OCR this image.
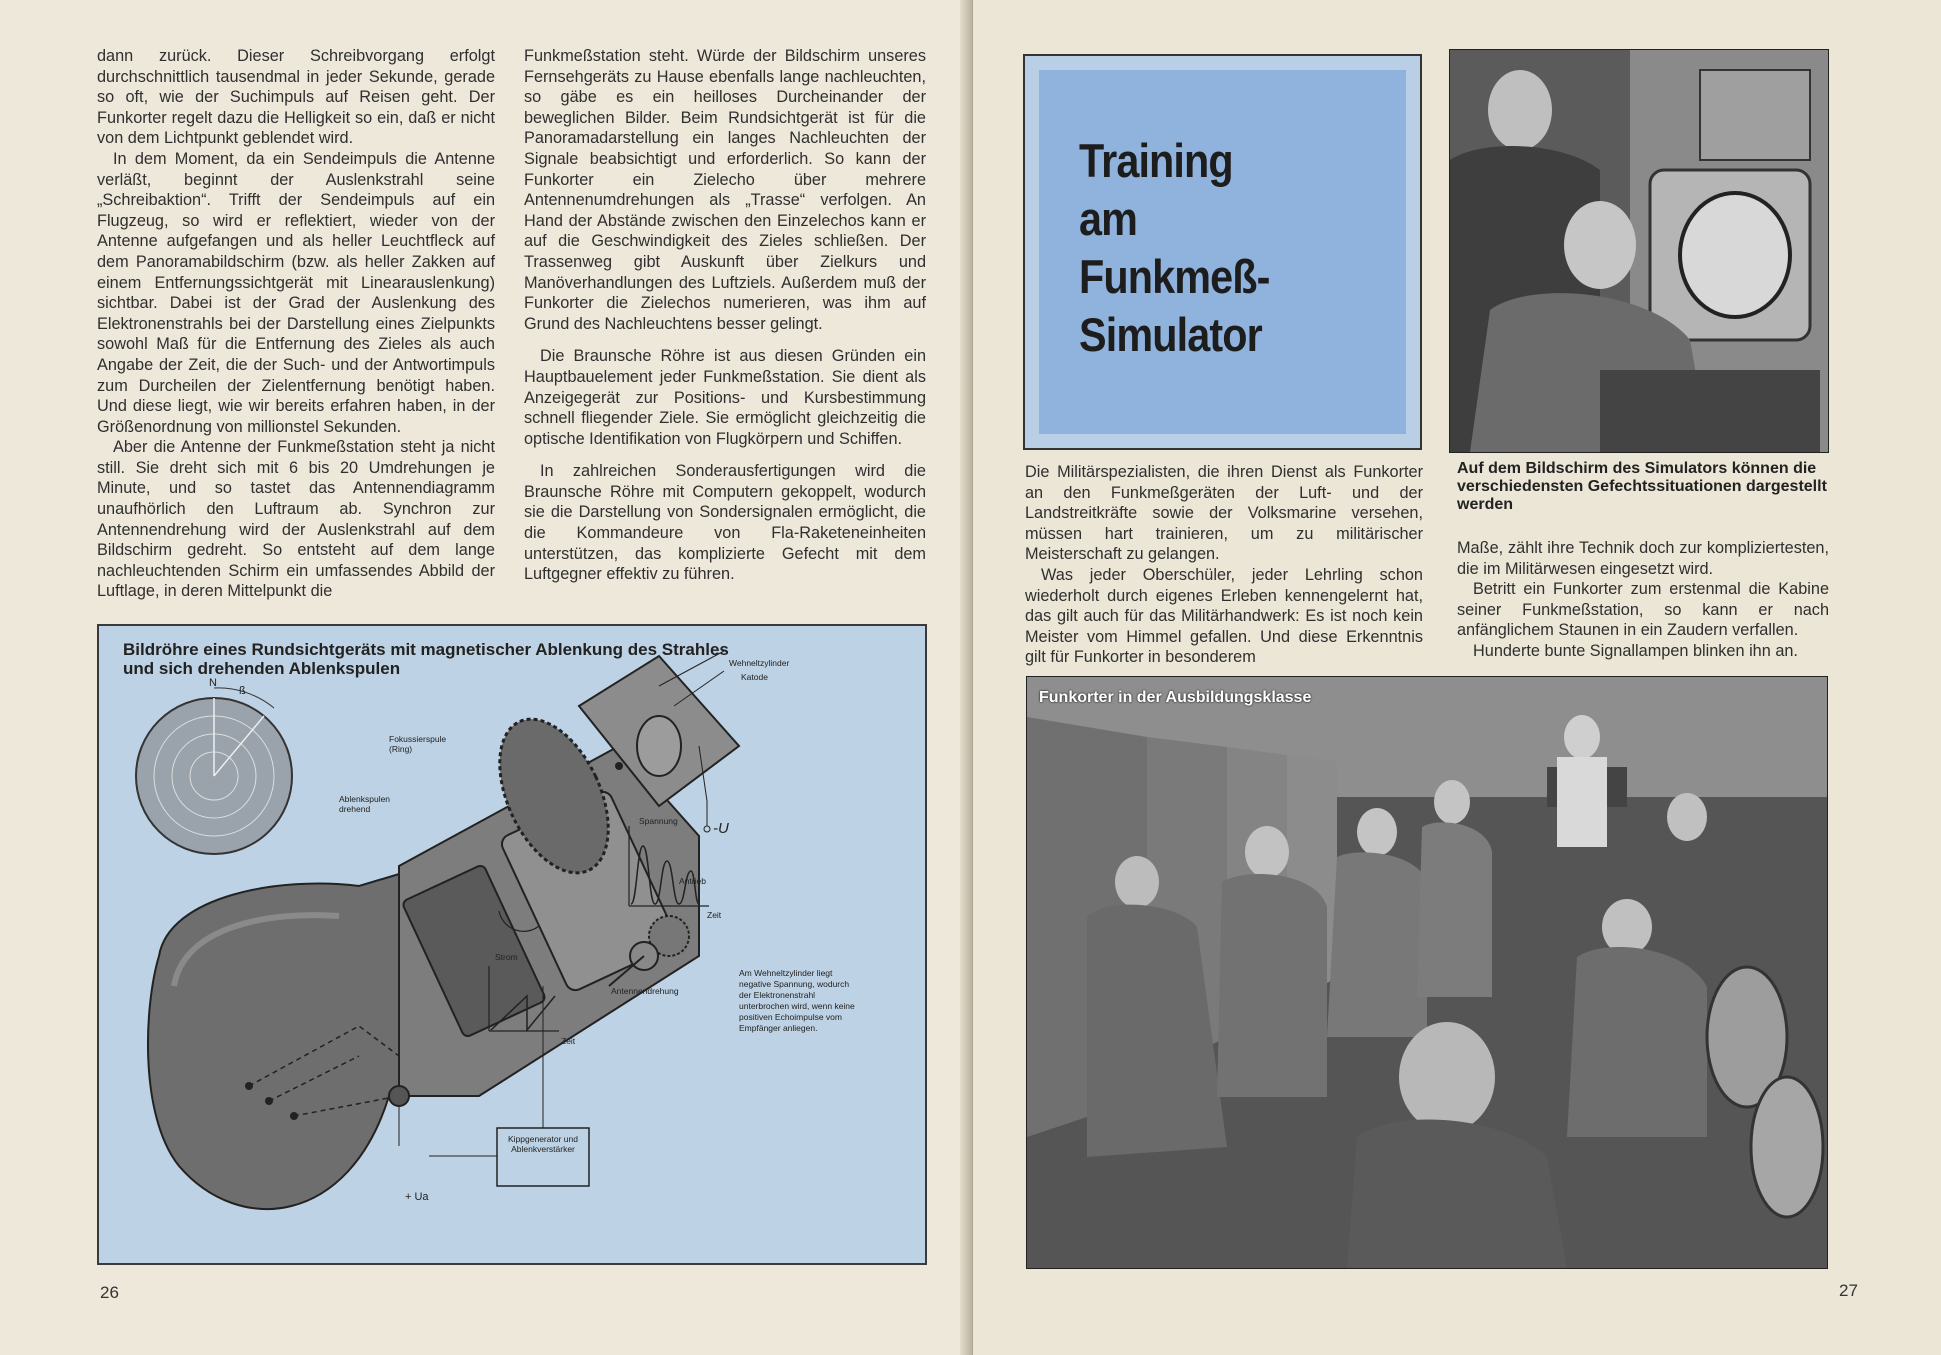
dann zurück. Dieser Schreibvorgang erfolgt durchschnittlich tausendmal in jeder Sekunde, gerade so oft, wie der Suchimpuls auf Reisen geht. Der Funkorter regelt dazu die Helligkeit so ein, daß er nicht von dem Lichtpunkt geblendet wird.

In dem Moment, da ein Sendeimpuls die Antenne verläßt, beginnt der Auslenkstrahl seine „Schreibaktion“. Trifft der Sendeimpuls auf ein Flugzeug, so wird er reflektiert, wieder von der Antenne aufgefangen und als heller Leuchtfleck auf dem Panoramabildschirm (bzw. als heller Zakken auf einem Entfernungssichtgerät mit Linearauslenkung) sichtbar. Dabei ist der Grad der Auslenkung des Elektronenstrahls bei der Darstellung eines Zielpunkts sowohl Maß für die Entfernung des Zieles als auch Angabe der Zeit, die der Such- und der Antwortimpuls zum Durcheilen der Zielentfernung benötigt haben. Und diese liegt, wie wir bereits erfahren haben, in der Größenordnung von millionstel Sekunden.

Aber die Antenne der Funkmeßstation steht ja nicht still. Sie dreht sich mit 6 bis 20 Umdrehungen je Minute, und so tastet das Antennendiagramm unaufhörlich den Luftraum ab. Synchron zur Antennendrehung wird der Auslenkstrahl auf dem Bildschirm gedreht. So entsteht auf dem lange nachleuchtenden Schirm ein umfassendes Abbild der Luftlage, in deren Mittelpunkt die

Funkmeßstation steht. Würde der Bildschirm unseres Fernsehgeräts zu Hause ebenfalls lange nachleuchten, so gäbe es ein heilloses Durcheinander der beweglichen Bilder. Beim Rundsichtgerät ist für die Panoramadarstellung ein langes Nachleuchten der Signale beabsichtigt und erforderlich. So kann der Funkorter ein Zielecho über mehrere Antennenumdrehungen als „Trasse“ verfolgen. An Hand der Abstände zwischen den Einzelechos kann er auf die Geschwindigkeit des Zieles schließen. Der Trassenweg gibt Auskunft über Zielkurs und Manöverhandlungen des Luftziels. Außerdem muß der Funkorter die Zielechos numerieren, was ihm auf Grund des Nachleuchtens besser gelingt.

Die Braunsche Röhre ist aus diesen Gründen ein Hauptbauelement jeder Funkmeßstation. Sie dient als Anzeigegerät zur Positions- und Kursbestimmung schnell fliegender Ziele. Sie ermöglicht gleichzeitig die optische Identifikation von Flugkörpern und Schiffen.

In zahlreichen Sonderausfertigungen wird die Braunsche Röhre mit Computern gekoppelt, wodurch sie die Darstellung von Sondersignalen ermöglicht, die die Kommandeure von Fla-Raketeneinheiten unterstützen, das komplizierte Gefecht mit dem Luftgegner effektiv zu führen.

Bildröhre eines Rundsichtgeräts mit magnetischer Ablenkung des Strahles und sich drehenden Ablenkspulen
N
ß
Fokussierspule (Ring)
Ablenkspulen drehend
Wehneltzylinder
Katode
Spannung -U
Zeit
Antrieb
Antennendrehung
Strom
Zeit
Kippgenerator und Ablenkverstärker
+ Ua
Am Wehneltzylinder liegt negative Spannung, wodurch der Elektronenstrahl unterbrochen wird, wenn keine positiven Echoimpulse vom Empfänger anliegen.
26
Training
am
Funkmeß-
Simulator
Auf dem Bildschirm des Simulators können die verschiedensten Gefechtssituationen dargestellt werden

Die Militärspezialisten, die ihren Dienst als Funkorter an den Funkmeßgeräten der Luft- und der Landstreitkräfte sowie der Volksmarine versehen, müssen hart trainieren, um zu militärischer Meisterschaft zu gelangen.

Was jeder Oberschüler, jeder Lehrling schon wiederholt durch eigenes Erleben kennengelernt hat, das gilt auch für das Militärhandwerk: Es ist noch kein Meister vom Himmel gefallen. Und diese Erkenntnis gilt für Funkorter in besonderem

Maße, zählt ihre Technik doch zur kompliziertesten, die im Militärwesen eingesetzt wird.

Betritt ein Funkorter zum erstenmal die Kabine seiner Funkmeßstation, so kann er nach anfänglichem Staunen in ein Zaudern verfallen.

Hunderte bunte Signallampen blinken ihn an.

Funkorter in der Ausbildungsklasse
27
